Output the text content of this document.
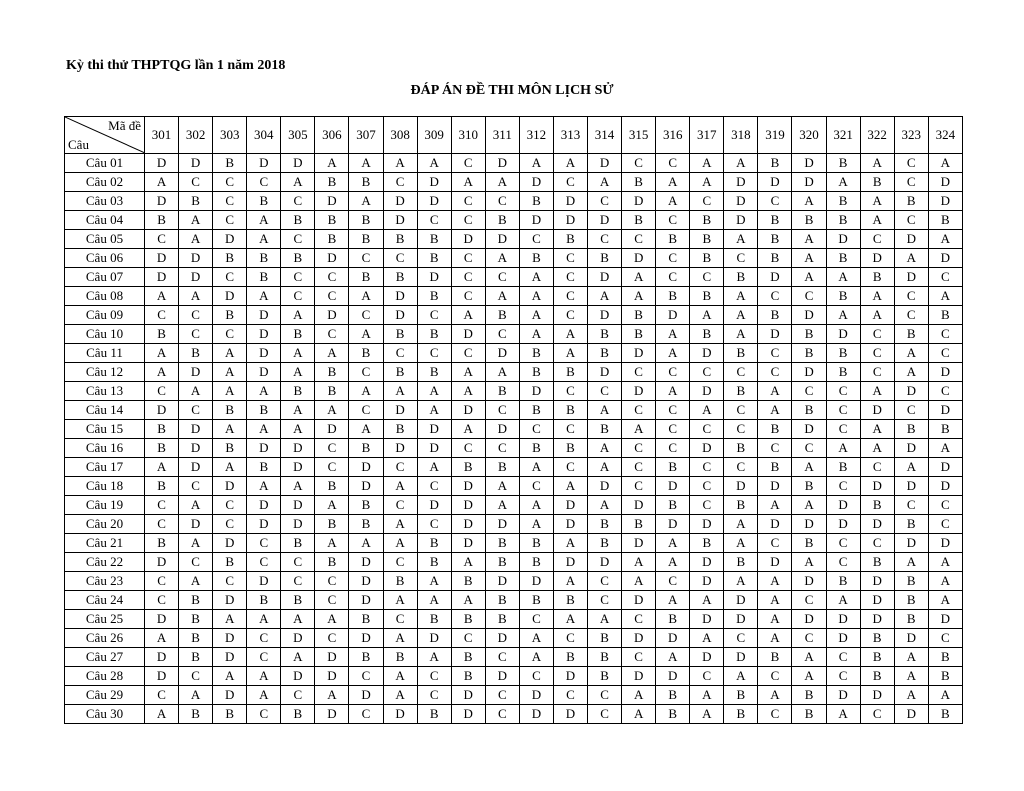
Kỳ thi thử THPTQG lần 1 năm 2018
ĐÁP ÁN ĐỀ THI MÔN LỊCH SỬ
Mã đề
Câu	301	302	303	304	305	306	307	308	309	310	311	312	313	314	315	316	317	318	319	320	321	322	323	324
Câu 01	D	D	B	D	D	A	A	A	A	C	D	A	A	D	C	C	A	A	B	D	B	A	C	A
Câu 02	A	C	C	C	A	B	B	C	D	A	A	D	C	A	B	A	A	D	D	D	A	B	C	D
Câu 03	D	B	C	B	C	D	A	D	D	C	C	B	D	C	D	A	C	D	C	A	B	A	B	D
Câu 04	B	A	C	A	B	B	B	D	C	C	B	D	D	D	B	C	B	D	B	B	B	A	C	B
Câu 05	C	A	D	A	C	B	B	B	B	D	D	C	B	C	C	B	B	A	B	A	D	C	D	A
Câu 06	D	D	B	B	B	D	C	C	B	C	A	B	C	B	D	C	B	C	B	A	B	D	A	D
Câu 07	D	D	C	B	C	C	B	B	D	C	C	A	C	D	A	C	C	B	D	A	A	B	D	C
Câu 08	A	A	D	A	C	C	A	D	B	C	A	A	C	A	A	B	B	A	C	C	B	A	C	A
Câu 09	C	C	B	D	A	D	C	D	C	A	B	A	C	D	B	D	A	A	B	D	A	A	C	B
Câu 10	B	C	C	D	B	C	A	B	B	D	C	A	A	B	B	A	B	A	D	B	D	C	B	C
Câu 11	A	B	A	D	A	A	B	C	C	C	D	B	A	B	D	A	D	B	C	B	B	C	A	C
Câu 12	A	D	A	D	A	B	C	B	B	A	A	B	B	D	C	C	C	C	C	D	B	C	A	D
Câu 13	C	A	A	A	B	B	A	A	A	A	B	D	C	C	D	A	D	B	A	C	C	A	D	C
Câu 14	D	C	B	B	A	A	C	D	A	D	C	B	B	A	C	C	A	C	A	B	C	D	C	D
Câu 15	B	D	A	A	A	D	A	B	D	A	D	C	C	B	A	C	C	C	B	D	C	A	B	B
Câu 16	B	D	B	D	D	C	B	D	D	C	C	B	B	A	C	C	D	B	C	C	A	A	D	A
Câu 17	A	D	A	B	D	C	D	C	A	B	B	A	C	A	C	B	C	C	B	A	B	C	A	D
Câu 18	B	C	D	A	A	B	D	A	C	D	A	C	A	D	C	D	C	D	D	B	C	D	D	D
Câu 19	C	A	C	D	D	A	B	C	D	D	A	A	D	A	D	B	C	B	A	A	D	B	C	C
Câu 20	C	D	C	D	D	B	B	A	C	D	D	A	D	B	B	D	D	A	D	D	D	D	B	C
Câu 21	B	A	D	C	B	A	A	A	B	D	B	B	A	B	D	A	B	A	C	B	C	C	D	D
Câu 22	D	C	B	C	C	B	D	C	B	A	B	B	D	D	A	A	D	B	D	A	C	B	A	A
Câu 23	C	A	C	D	C	C	D	B	A	B	D	D	A	C	A	C	D	A	A	D	B	D	B	A
Câu 24	C	B	D	B	B	C	D	A	A	A	B	B	B	C	D	A	A	D	A	C	A	D	B	A
Câu 25	D	B	A	A	A	A	B	C	B	B	B	C	A	A	C	B	D	D	A	D	D	D	B	D
Câu 26	A	B	D	C	D	C	D	A	D	C	D	A	C	B	D	D	A	C	A	C	D	B	D	C
Câu 27	D	B	D	C	A	D	B	B	A	B	C	A	B	B	C	A	D	D	B	A	C	B	A	B
Câu 28	D	C	A	A	D	D	C	A	C	B	D	C	D	B	D	D	C	A	C	A	C	B	A	B
Câu 29	C	A	D	A	C	A	D	A	C	D	C	D	C	C	A	B	A	B	A	B	D	D	A	A
Câu 30	A	B	B	C	B	D	C	D	B	D	C	D	D	C	A	B	A	B	C	B	A	C	D	B
